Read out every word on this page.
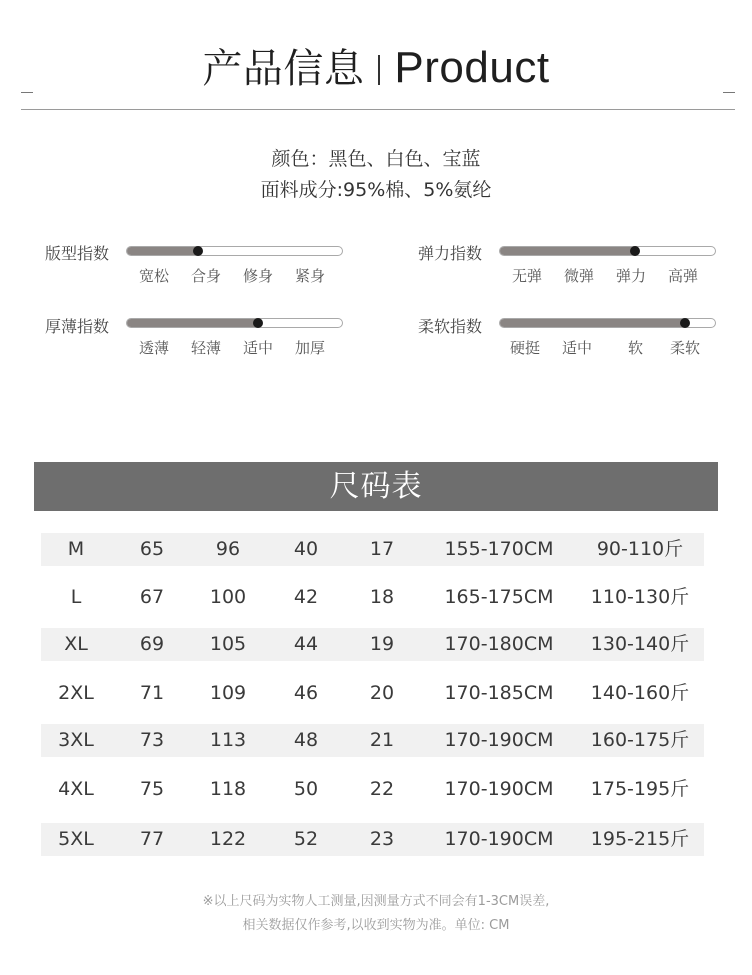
产品信息 Product
颜色：黑色、白色、宝蓝
面料成分:95%棉、5%氨纶
版型指数
宽松 合身 修身 紧身
弹力指数
无弹 微弹 弹力 高弹
厚薄指数
透薄 轻薄 适中 加厚
柔软指数
硬挺 适中 软 柔软
尺码表
M	65	96	40	17	155-170CM	90-110斤
L	67	100	42	18	165-175CM	110-130斤
XL	69	105	44	19	170-180CM	130-140斤
2XL	71	109	46	20	170-185CM	140-160斤
3XL	73	113	48	21	170-190CM	160-175斤
4XL	75	118	50	22	170-190CM	175-195斤
5XL	77	122	52	23	170-190CM	195-215斤
※以上尺码为实物人工测量,因测量方式不同会有1-3CM误差,
相关数据仅作参考,以收到实物为准。单位: CM
